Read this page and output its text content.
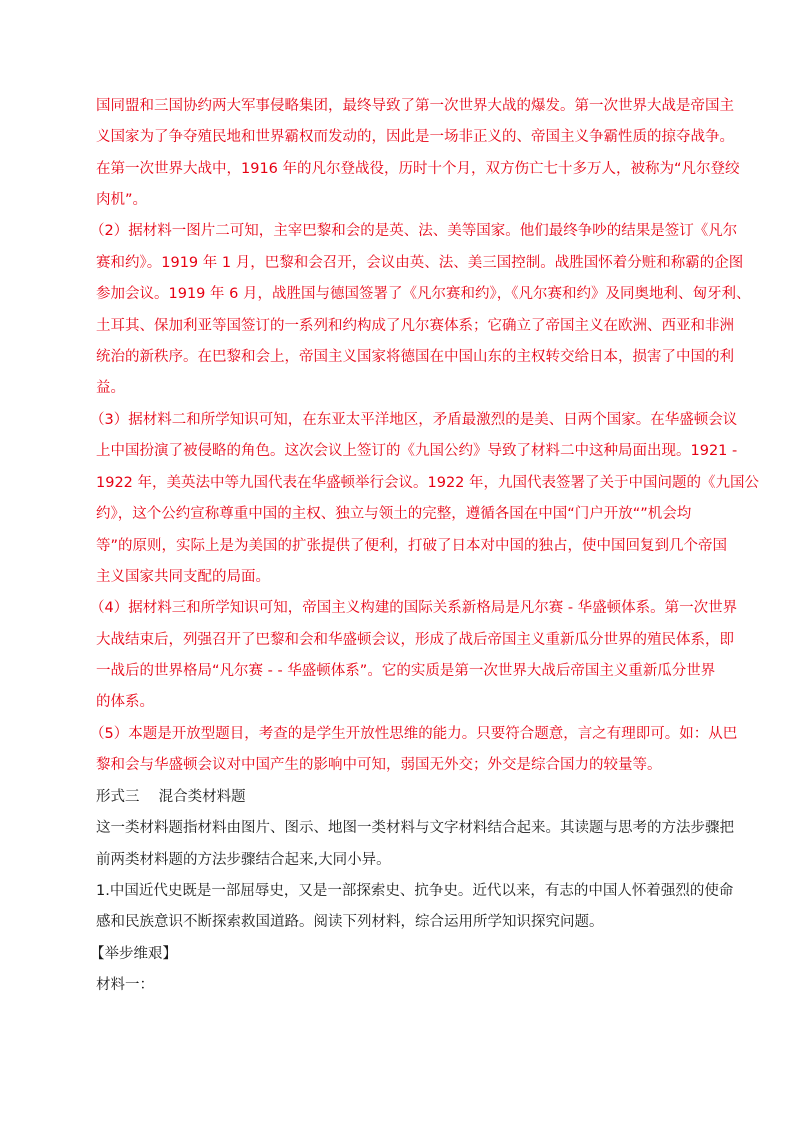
国同盟和三国协约两大军事侵略集团，最终导致了第一次世界大战的爆发。第一次世界大战是帝国主
义国家为了争夺殖民地和世界霸权而发动的，因此是一场非正义的、帝国主义争霸性质的掠夺战争。
在第一次世界大战中，1916 年的凡尔登战役，历时十个月，双方伤亡七十多万人，被称为“凡尔登绞
肉机”。
（2）据材料一图片二可知，主宰巴黎和会的是英、法、美等国家。他们最终争吵的结果是签订《凡尔
赛和约》。1919 年 1 月，巴黎和会召开，会议由英、法、美三国控制。战胜国怀着分赃和称霸的企图
参加会议。1919 年 6 月，战胜国与德国签署了《凡尔赛和约》，《凡尔赛和约》及同奥地利、匈牙利、
土耳其、保加利亚等国签订的一系列和约构成了凡尔赛体系；它确立了帝国主义在欧洲、西亚和非洲
统治的新秩序。在巴黎和会上，帝国主义国家将德国在中国山东的主权转交给日本，损害了中国的利
益。
（3）据材料二和所学知识可知，在东亚太平洋地区，矛盾最激烈的是美、日两个国家。在华盛顿会议
上中国扮演了被侵略的角色。这次会议上签订的《九国公约》导致了材料二中这种局面出现。1921 -
1922 年，美英法中等九国代表在华盛顿举行会议。1922 年，九国代表签署了关于中国问题的《九国公
约》，这个公约宣称尊重中国的主权、独立与领土的完整，遵循各国在中国“门户开放“”机会均
等”的原则，实际上是为美国的扩张提供了便利，打破了日本对中国的独占，使中国回复到几个帝国
主义国家共同支配的局面。
（4）据材料三和所学知识可知，帝国主义构建的国际关系新格局是凡尔赛 - 华盛顿体系。第一次世界
大战结束后，列强召开了巴黎和会和华盛顿会议，形成了战后帝国主义重新瓜分世界的殖民体系，即
一战后的世界格局“凡尔赛 - - 华盛顿体系”。它的实质是第一次世界大战后帝国主义重新瓜分世界
的体系。
（5）本题是开放型题目，考查的是学生开放性思维的能力。只要符合题意，言之有理即可。如：从巴
黎和会与华盛顿会议对中国产生的影响中可知，弱国无外交；外交是综合国力的较量等。
形式三　 混合类材料题
这一类材料题指材料由图片、图示、地图一类材料与文字材料结合起来。其读题与思考的方法步骤把
前两类材料题的方法步骤结合起来,大同小异。
1.中国近代史既是一部屈辱史，又是一部探索史、抗争史。近代以来，有志的中国人怀着强烈的使命
感和民族意识不断探索救国道路。阅读下列材料，综合运用所学知识探究问题。
【举步维艰】
材料一：
